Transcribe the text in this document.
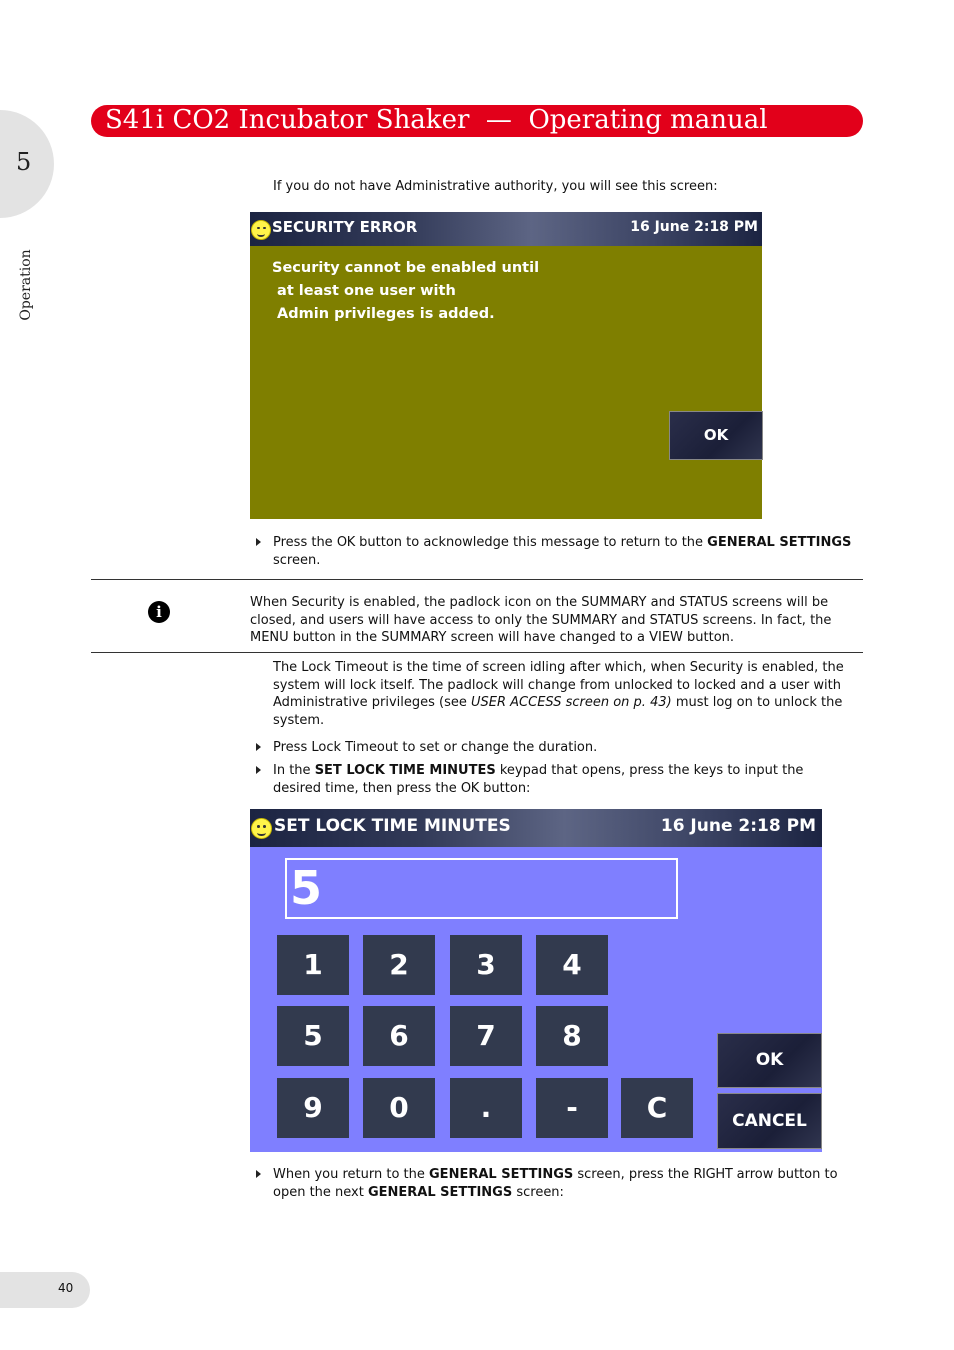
S41i CO2 Incubator Shaker  —  Operating manual
5
Operation
If you do not have Administrative authority, you will see this screen:
SECURITY ERROR	16 June 2:18 PM
Security cannot be enabled until
at least one user with
Admin privileges is added.
OK
Press the OK button to acknowledge this message to return to the GENERAL SETTINGS screen.
i
When Security is enabled, the padlock icon on the SUMMARY and STATUS screens will be closed, and users will have access to only the SUMMARY and STATUS screens. In fact, the MENU button in the SUMMARY screen will have changed to a VIEW button.
The Lock Timeout is the time of screen idling after which, when Security is enabled, the system will lock itself. The padlock will change from unlocked to locked and a user with Administrative privileges (see USER ACCESS screen on p. 43) must log on to unlock the system.
Press Lock Timeout to set or change the duration.
In the SET LOCK TIME MINUTES keypad that opens, press the keys to input the desired time, then press the OK button:
SET LOCK TIME MINUTES	16 June 2:18 PM
5
1	2	3	4
5	6	7	8
9	0	.	-	C
OK
CANCEL
When you return to the GENERAL SETTINGS screen, press the RIGHT arrow button to open the next GENERAL SETTINGS screen:
40
